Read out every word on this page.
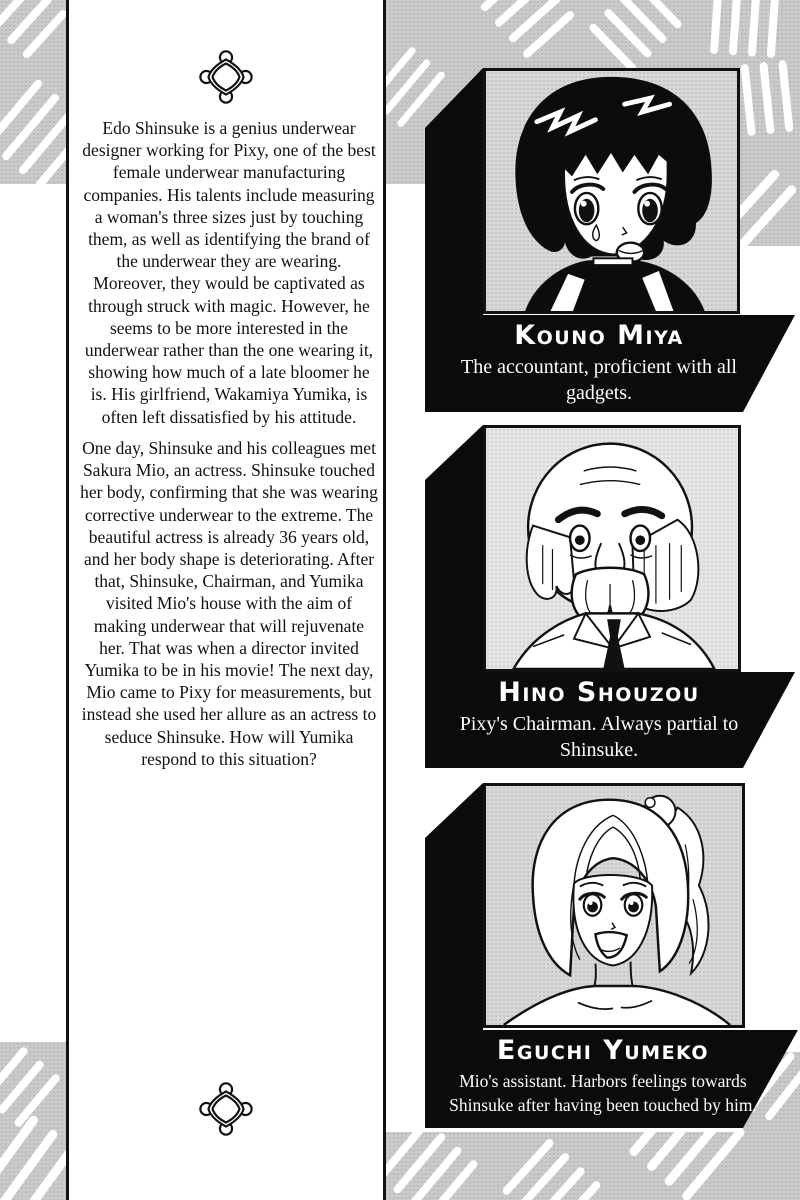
Edo Shinsuke is a genius underwear designer working for Pixy, one of the best female underwear manufacturing companies. His talents include measuring a woman's three sizes just by touching them, as well as identifying the brand of the underwear they are wearing. Moreover, they would be captivated as through struck with magic. However, he seems to be more interested in the underwear rather than the one wearing it, showing how much of a late bloomer he is. His girlfriend, Wakamiya Yumika, is often left dissatisfied by his attitude.
One day, Shinsuke and his colleagues met Sakura Mio, an actress. Shinsuke touched her body, confirming that she was wearing corrective underwear to the extreme. The beautiful actress is already 36 years old, and her body shape is deteriorating. After that, Shinsuke, Chairman, and Yumika visited Mio's house with the aim of making underwear that will rejuvenate her. That was when a director invited Yumika to be in his movie! The next day, Mio came to Pixy for measurements, but instead she used her allure as an actress to seduce Shinsuke. How will Yumika respond to this situation?
Kouno Miya
The accountant, proficient with all gadgets.
Hino Shouzou
Pixy's Chairman. Always partial to Shinsuke.
Eguchi Yumeko
Mio's assistant. Harbors feelings towards Shinsuke after having been touched by him.
